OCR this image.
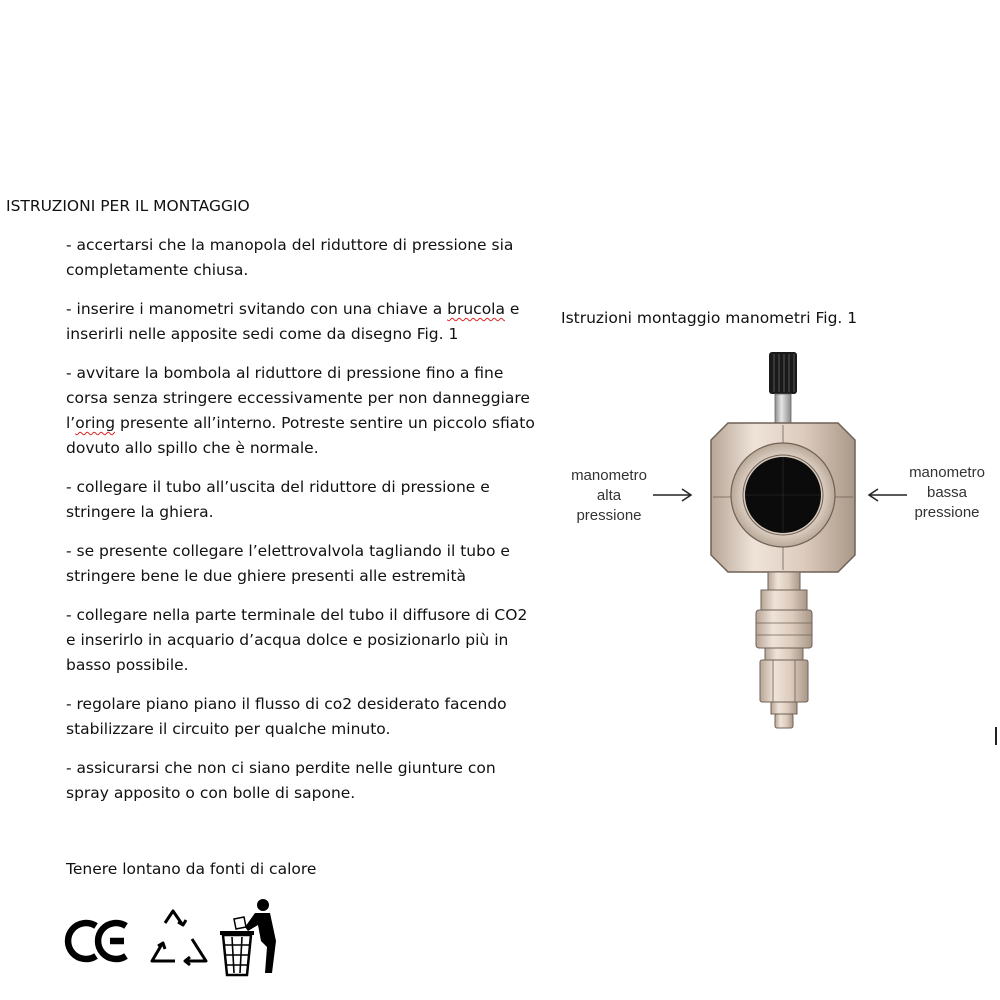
ISTRUZIONI PER IL MONTAGGIO
- accertarsi che la manopola del riduttore di pressione sia completamente chiusa.
- inserire i manometri svitando con una chiave a brucola e inserirli nelle apposite sedi come da disegno Fig. 1
- avvitare la bombola al riduttore di pressione fino a fine corsa senza stringere eccessivamente per non danneggiare l’oring presente all’interno. Potreste sentire un piccolo sfiato dovuto allo spillo che è normale.
- collegare il tubo all’uscita del riduttore di pressione e stringere la ghiera.
- se presente collegare l’elettrovalvola tagliando il tubo e stringere bene le due ghiere presenti alle estremità
- collegare nella parte terminale del tubo il diffusore di CO2 e inserirlo in acquario d’acqua dolce e posizionarlo più in basso possibile.
- regolare piano piano il flusso di co2 desiderato facendo stabilizzare il circuito per qualche minuto.
- assicurarsi che non ci siano perdite nelle giunture con spray apposito o con bolle di sapone.
Tenere lontano da fonti di calore
Istruzioni montaggio manometri Fig. 1
manometro
alta
pressione
manometro
bassa
pressione
